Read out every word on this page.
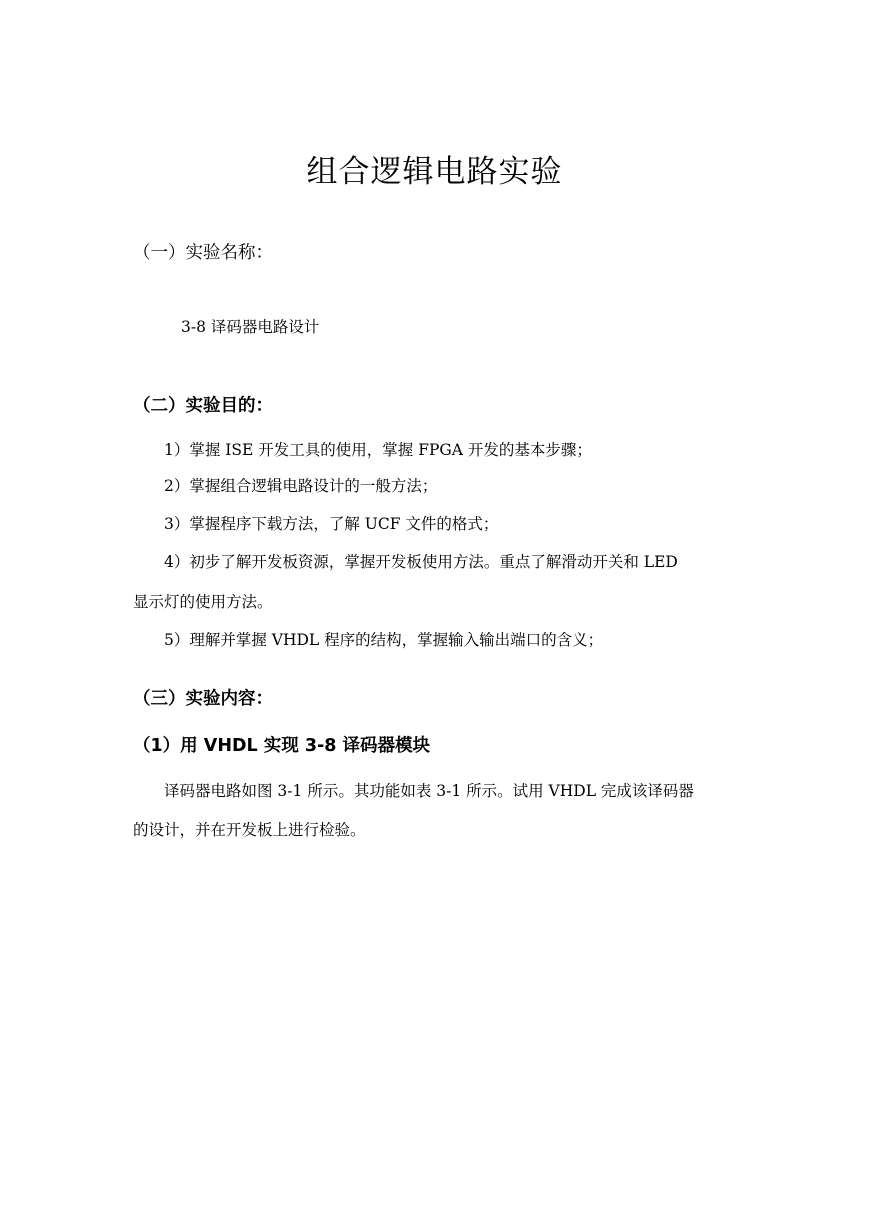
组合逻辑电路实验
（一）实验名称：
3-8 译码器电路设计
（二）实验目的：
1）掌握 ISE 开发工具的使用，掌握 FPGA 开发的基本步骤；
2）掌握组合逻辑电路设计的一般方法；
3）掌握程序下载方法，了解 UCF 文件的格式；
4）初步了解开发板资源，掌握开发板使用方法。重点了解滑动开关和 LED
显示灯的使用方法。
5）理解并掌握 VHDL 程序的结构，掌握输入输出端口的含义；
（三）实验内容：
（1）用 VHDL 实现 3-8 译码器模块
译码器电路如图 3-1 所示。其功能如表 3-1 所示。试用 VHDL 完成该译码器
的设计，并在开发板上进行检验。
